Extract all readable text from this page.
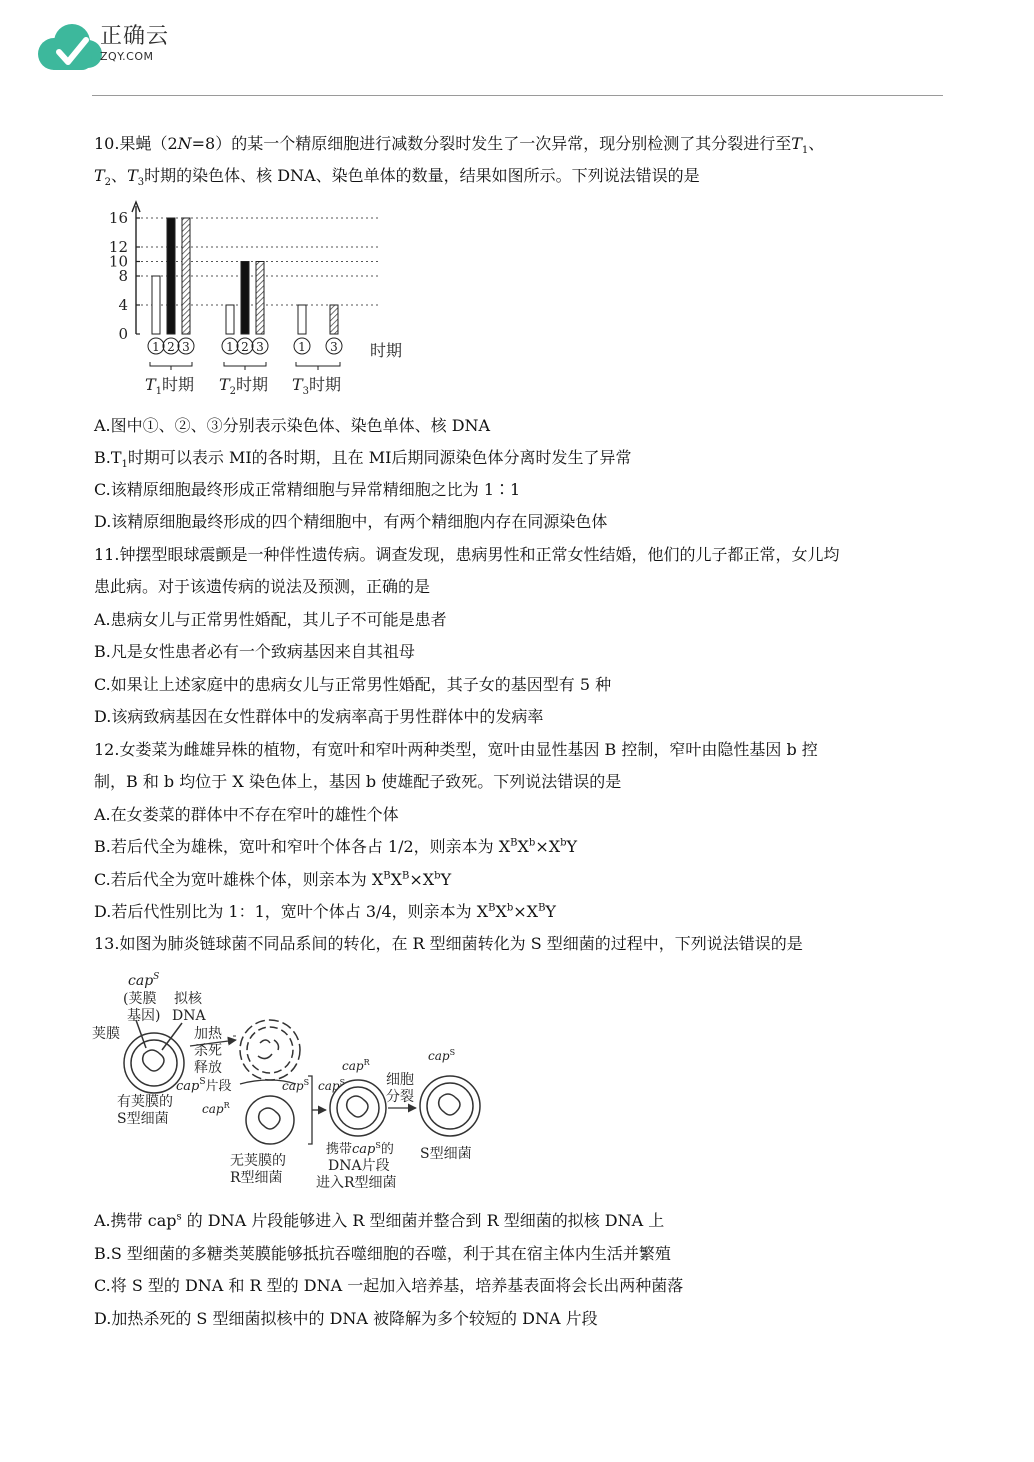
正确云
ZQY.COM
10.果蝇（2N=8）的某一个精原细胞进行减数分裂时发生了一次异常，现分别检测了其分裂进行至$T_1$、
$T_2$、$T_3$时期的染色体、核 DNA、染色单体的数量，结果如图所示。下列说法错误的是
0
4
8
10
12
16
1 2 3
$T_1$时期
1 2 3
$T_2$时期
1 3
$T_3$时期
时期
A.图中①、②、③分别表示染色体、染色单体、核 DNA
$B.T_1$时期可以表示 MⅠ的各时期，且在 MⅠ后期同源染色体分离时发生了异常
C.该精原细胞最终形成正常精细胞与异常精细胞之比为 1∶1
D.该精原细胞最终形成的四个精细胞中，有两个精细胞内存在同源染色体
11.钟摆型眼球震颤是一种伴性遗传病。调查发现，患病男性和正常女性结婚，他们的儿子都正常，女儿均
患此病。对于该遗传病的说法及预测，正确的是
A.患病女儿与正常男性婚配，其儿子不可能是患者
B.凡是女性患者必有一个致病基因来自其祖母
C.如果让上述家庭中的患病女儿与正常男性婚配，其子女的基因型有 5 种
D.该病致病基因在女性群体中的发病率高于男性群体中的发病率
12.女娄菜为雌雄异株的植物，有宽叶和窄叶两种类型，宽叶由显性基因 B 控制，窄叶由隐性基因 b 控
制，B 和 b 均位于 X 染色体上，基因 b 使雄配子致死。下列说法错误的是
A.在女娄菜的群体中不存在窄叶的雄性个体
B.若后代全为雄株，宽叶和窄叶个体各占 1/2，则亲本为 $X^BX^b\times X^bY$
C.若后代全为宽叶雄株个体，则亲本为 $X^BX^B\times X^bY$
D.若后代性别比为 1：1，宽叶个体占 3/4，则亲本为 $X^BX^b\times X^BY$
13.如图为肺炎链球菌不同品系间的转化，在 R 型细菌转化为 S 型细菌的过程中，下列说法错误的是
cap$^S$
(荚膜
基因)
拟核
DNA
荚膜	加热
杀死
释放
cap$^S$片段
有荚膜的
S型细菌
cap$^R$
cap$^S$
无荚膜的
R型细菌
cap$^S$
cap$^R$
携带cap$^S$的
DNA片段
进入R型细菌
细胞
分裂
cap$^S$
S型细菌
A.携带 cap$^s$ 的 DNA 片段能够进入 R 型细菌并整合到 R 型细菌的拟核 DNA 上
B.S 型细菌的多糖类荚膜能够抵抗吞噬细胞的吞噬，利于其在宿主体内生活并繁殖
C.将 S 型的 DNA 和 R 型的 DNA 一起加入培养基，培养基表面将会长出两种菌落
D.加热杀死的 S 型细菌拟核中的 DNA 被降解为多个较短的 DNA 片段
